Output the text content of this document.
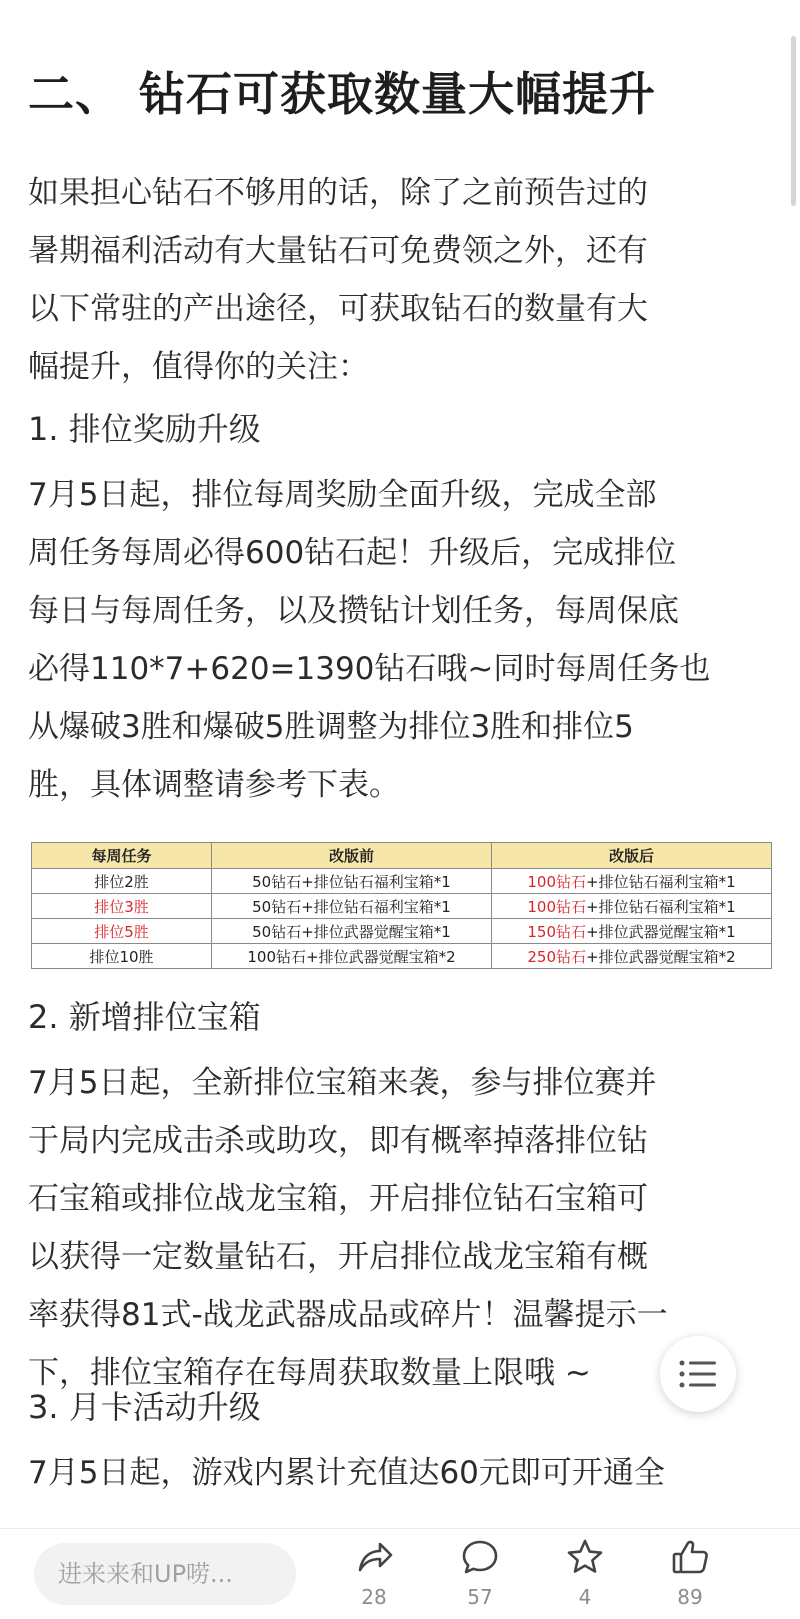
二、 钻石可获取数量大幅提升
如果担心钻石不够用的话，除了之前预告过的
暑期福利活动有大量钻石可免费领之外，还有
以下常驻的产出途径，可获取钻石的数量有大
幅提升，值得你的关注：
1. 排位奖励升级
7月5日起，排位每周奖励全面升级，完成全部
周任务每周必得600钻石起！升级后，完成排位
每日与每周任务，以及攒钻计划任务，每周保底
必得110*7+620=1390钻石哦~同时每周任务也
从爆破3胜和爆破5胜调整为排位3胜和排位5
胜，具体调整请参考下表。
每周任务	改版前	改版后
排位2胜	50钻石+排位钻石福利宝箱*1	100钻石+排位钻石福利宝箱*1
排位3胜	50钻石+排位钻石福利宝箱*1	100钻石+排位钻石福利宝箱*1
排位5胜	50钻石+排位武器觉醒宝箱*1	150钻石+排位武器觉醒宝箱*1
排位10胜	100钻石+排位武器觉醒宝箱*2	250钻石+排位武器觉醒宝箱*2
2. 新增排位宝箱
7月5日起，全新排位宝箱来袭，参与排位赛并
于局内完成击杀或助攻，即有概率掉落排位钻
石宝箱或排位战龙宝箱，开启排位钻石宝箱可
以获得一定数量钻石，开启排位战龙宝箱有概
率获得81式-战龙武器成品或碎片！温馨提示一
下，排位宝箱存在每周获取数量上限哦 ~
3. 月卡活动升级
7月5日起，游戏内累计充值达60元即可开通全
进来来和UP唠...
28	57	4	89
